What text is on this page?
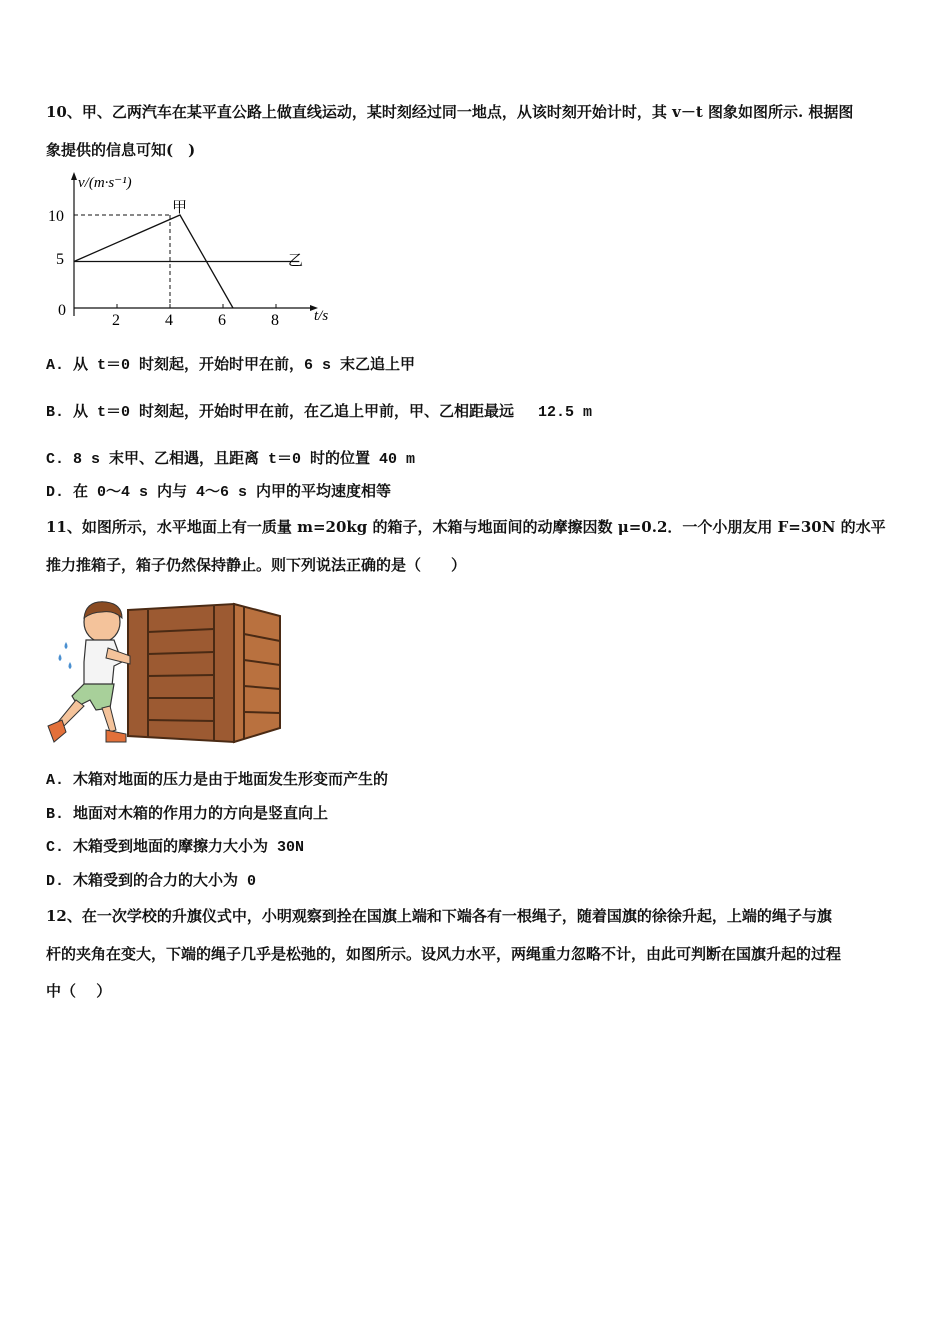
10、甲、乙两汽车在某平直公路上做直线运动，某时刻经过同一地点，从该时刻开始计时，其 v－t 图象如图所示. 根据图
象提供的信息可知(　)
v/(m·s⁻¹)
t/s
10
5
0
2	4	6	8
甲
乙
A. 从 t＝0 时刻起，开始时甲在前，6 s 末乙追上甲
B. 从 t＝0 时刻起，开始时甲在前，在乙追上甲前，甲、乙相距最远　 12.5 m
C. 8 s 末甲、乙相遇，且距离 t＝0 时的位置 40 m
D. 在 0～4 s 内与 4～6 s 内甲的平均速度相等
11、如图所示，水平地面上有一质量 m=20kg 的箱子，木箱与地面间的动摩擦因数 μ=0.2．一个小朋友用 F=30N 的水平
推力推箱子，箱子仍然保持静止。则下列说法正确的是（　　）
A. 木箱对地面的压力是由于地面发生形变而产生的
B. 地面对木箱的作用力的方向是竖直向上
C. 木箱受到地面的摩擦力大小为 30N
D. 木箱受到的合力的大小为 0
12、在一次学校的升旗仪式中，小明观察到拴在国旗上端和下端各有一根绳子，随着国旗的徐徐升起，上端的绳子与旗
杆的夹角在变大，下端的绳子几乎是松弛的，如图所示。设风力水平，两绳重力忽略不计，由此可判断在国旗升起的过程
中（　 ）
